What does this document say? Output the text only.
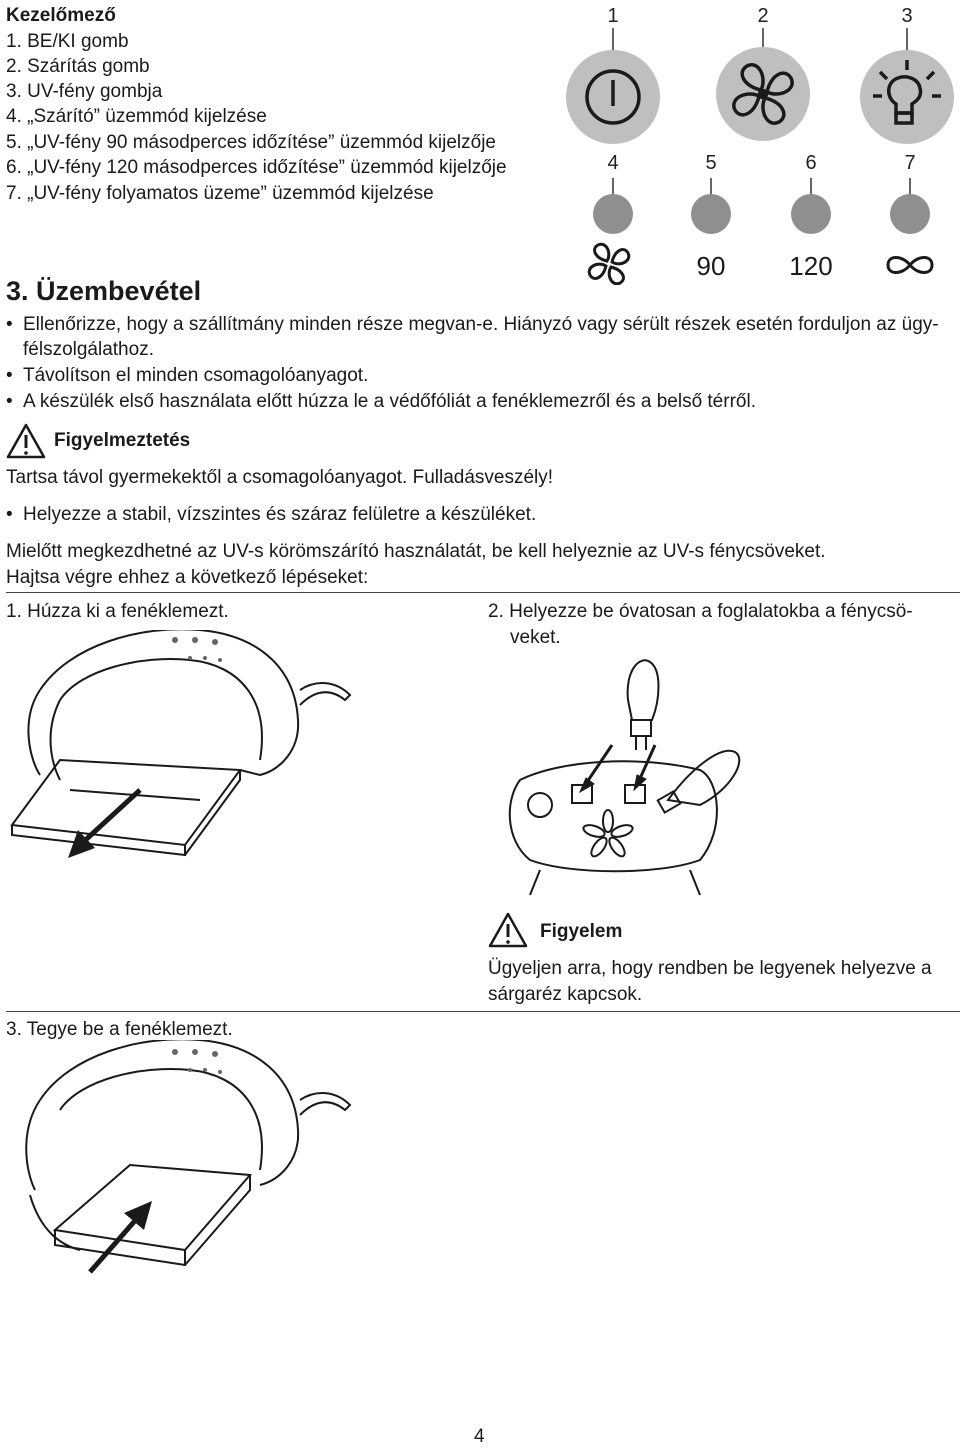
Kezelőmező
1. BE/KI gomb
2. Szárítás gomb
3. UV-fény gombja
4. „Szárító” üzemmód kijelzése
5. „UV-fény 90 másodperces időzítése” üzemmód kijelzője
6. „UV-fény 120 másodperces időzítése” üzemmód kijelzője
7. „UV-fény folyamatos üzeme” üzemmód kijelzése
1	2	3
4	5	6	7
90 120
3. Üzembevétel
• Ellenőrizze, hogy a szállítmány minden része megvan-e. Hiányzó vagy sérült részek esetén forduljon az ügy-
félszolgálathoz.
• Távolítson el minden csomagolóanyagot.
• A készülék első használata előtt húzza le a védőfóliát a fenéklemezről és a belső térről.
Figyelmeztetés
Tartsa távol gyermekektől a csomagolóanyagot. Fulladásveszély!
• Helyezze a stabil, vízszintes és száraz felületre a készüléket.
Mielőtt megkezdhetné az UV-s körömszárító használatát, be kell helyeznie az UV-s fénycsöveket.
Hajtsa végre ehhez a következő lépéseket:
1. Húzza ki a fenéklemezt.	2. Helyezze be óvatosan a foglalatokba a fénycsö-
veket.
Figyelem
Ügyeljen arra, hogy rendben be legyenek helyezve a
sárgaréz kapcsok.
3. Tegye be a fenéklemezt.
4
